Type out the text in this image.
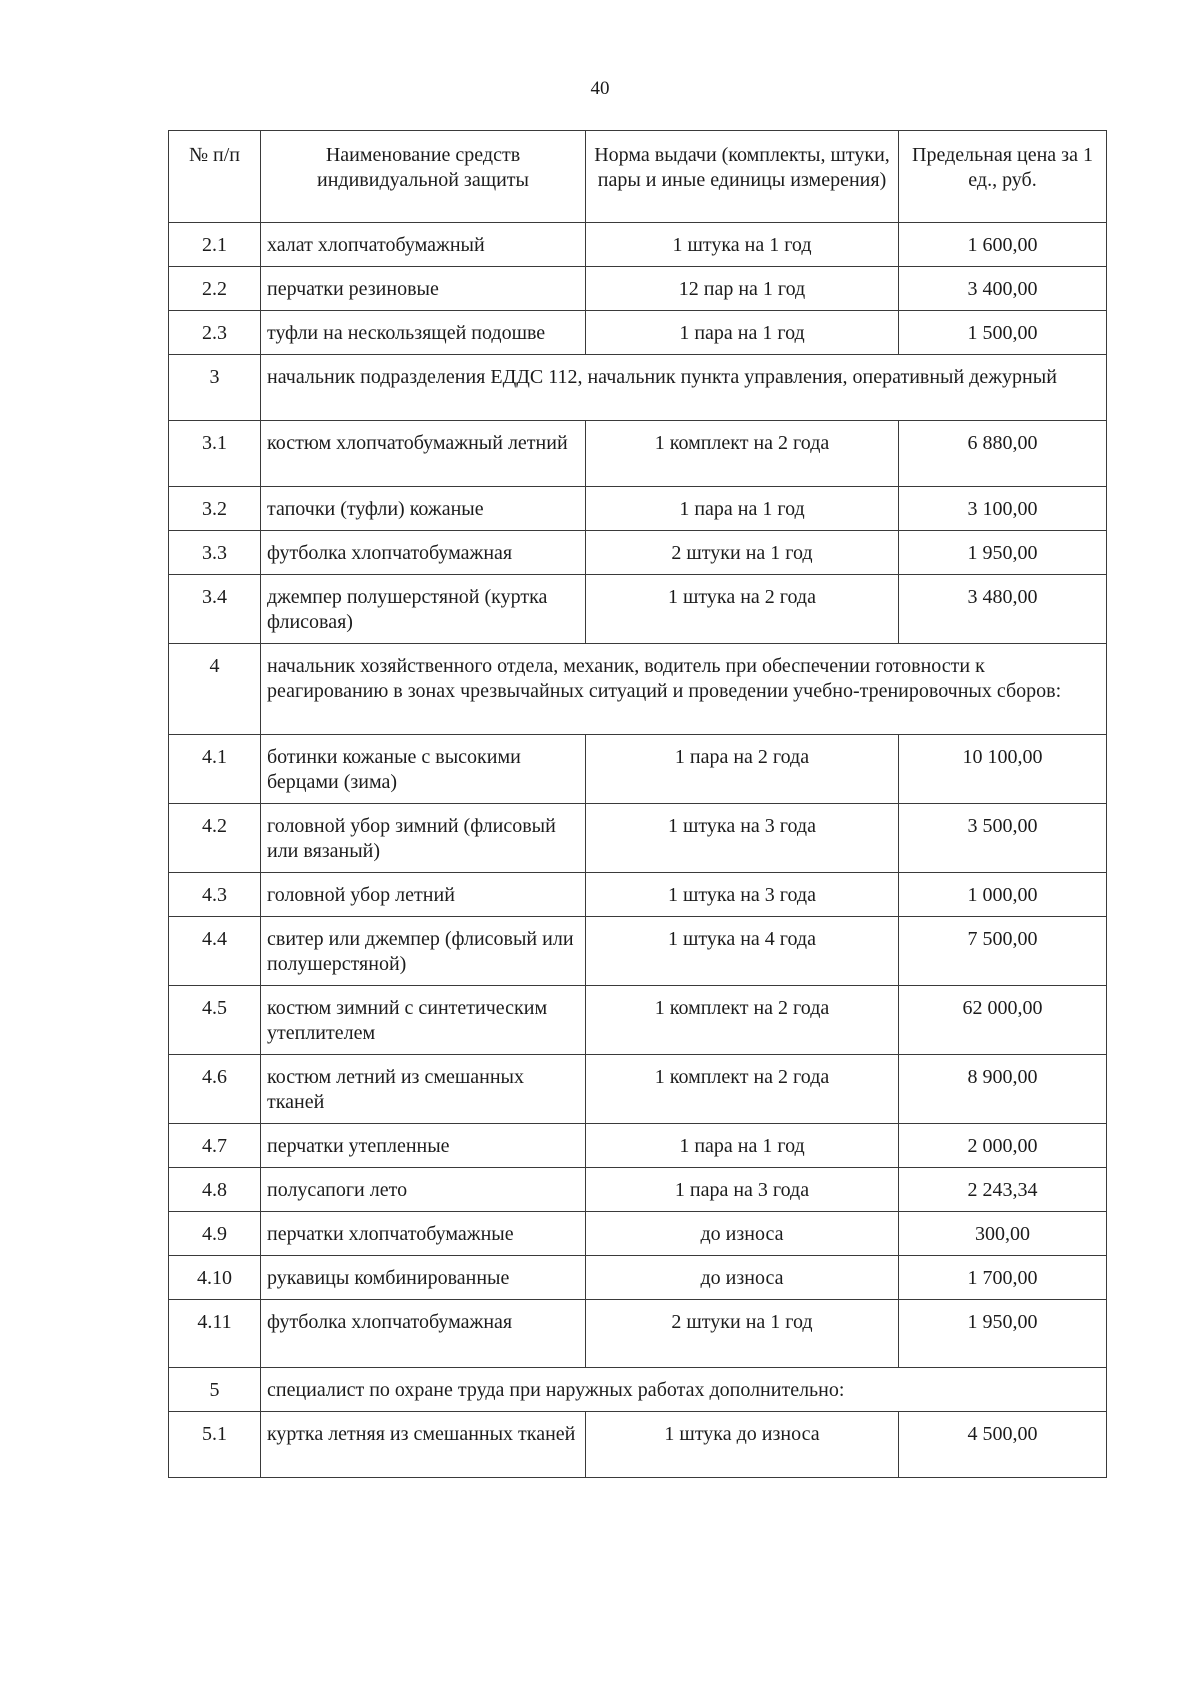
40
№ п/п	Наименование средств индивидуальной защиты	Норма выдачи (комплекты, штуки, пары и иные единицы измерения)	Предельная цена за 1 ед., руб.
2.1	халат хлопчатобумажный	1 штука на 1 год	1 600,00
2.2	перчатки резиновые	12 пар на 1 год	3 400,00
2.3	туфли на нескользящей подошве	1 пара на 1 год	1 500,00
3	начальник подразделения ЕДДС 112, начальник пункта управления, оперативный дежурный		
3.1	костюм хлопчатобумажный летний	1 комплект на 2 года	6 880,00
3.2	тапочки (туфли) кожаные	1 пара на 1 год	3 100,00
3.3	футболка хлопчатобумажная	2 штуки на 1 год	1 950,00
3.4	джемпер полушерстяной (куртка флисовая)	1 штука на 2 года	3 480,00
4	начальник хозяйственного отдела, механик, водитель при обеспечении готовности к реагированию в зонах чрезвычайных ситуаций и проведении учебно-тренировочных сборов:		
4.1	ботинки кожаные с высокими берцами (зима)	1 пара на 2 года	10 100,00
4.2	головной убор зимний (флисовый или вязаный)	1 штука на 3 года	3 500,00
4.3	головной убор летний	1 штука на 3 года	1 000,00
4.4	свитер или джемпер (флисовый или полушерстяной)	1 штука на 4 года	7 500,00
4.5	костюм зимний с синтетическим утеплителем	1 комплект на 2 года	62 000,00
4.6	костюм летний из смешанных тканей	1 комплект на 2 года	8 900,00
4.7	перчатки утепленные	1 пара на 1 год	2 000,00
4.8	полусапоги лето	1 пара на 3 года	2 243,34
4.9	перчатки хлопчатобумажные	до износа	300,00
4.10	рукавицы комбинированные	до износа	1 700,00
4.11	футболка хлопчатобумажная	2 штуки на 1 год	1 950,00
5	специалист по охране труда при наружных работах дополнительно:		
5.1	куртка летняя из смешанных тканей	1 штука до износа	4 500,00
